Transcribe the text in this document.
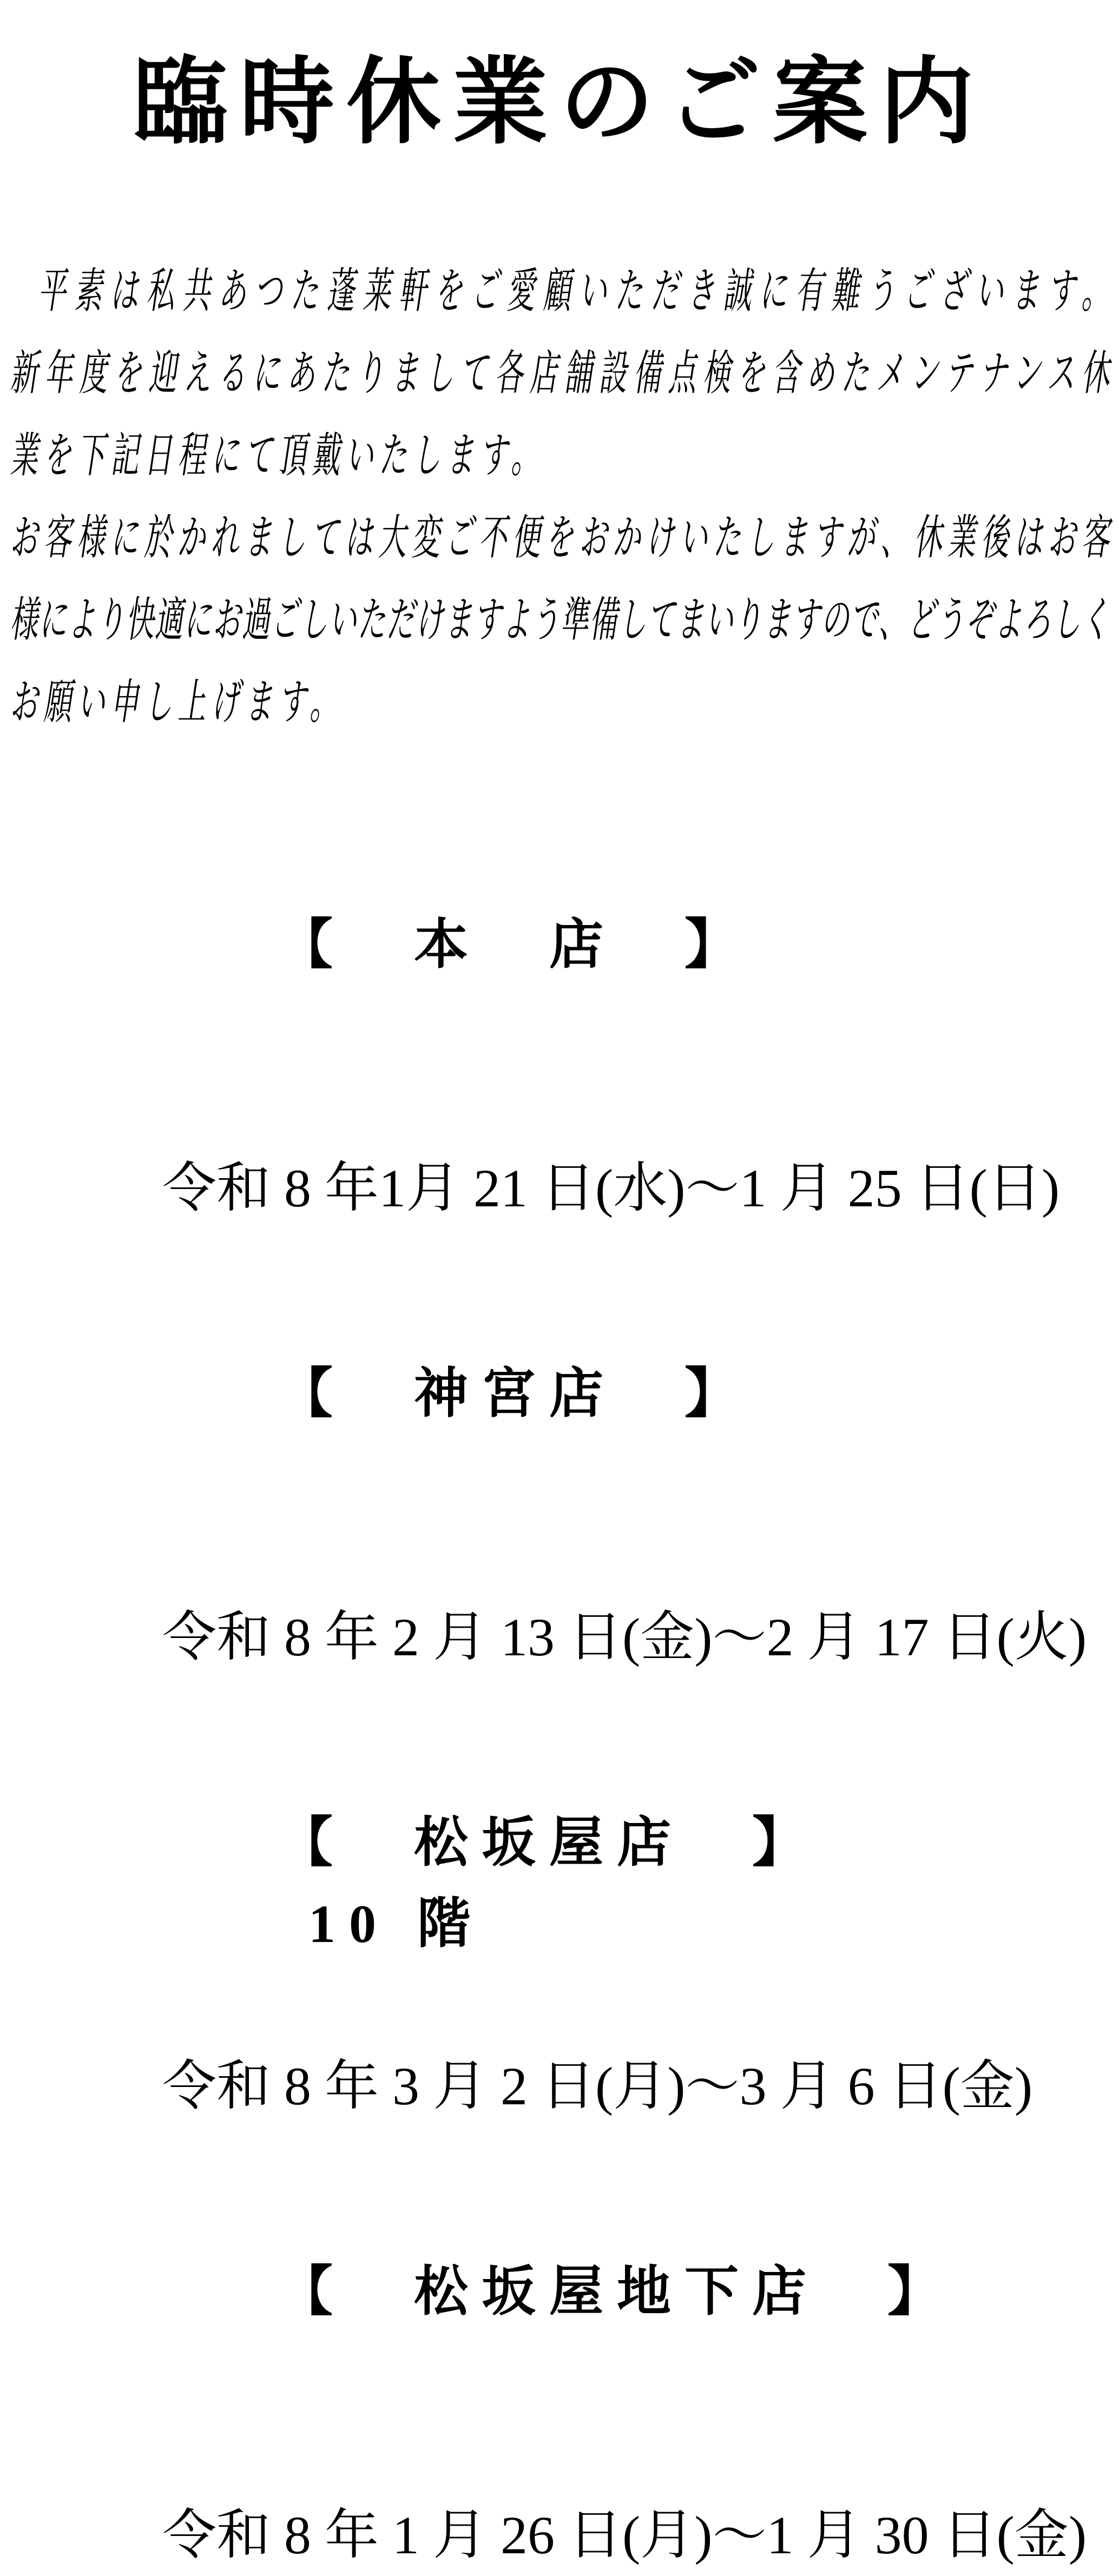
臨時休業のご案内

平素は私共あつた蓬莱軒をご愛顧いただき誠に有難うございます。

新年度を迎えるにあたりまして各店舗設備点検を含めたメンテナンス休

業を下記日程にて頂戴いたします。

お客様に於かれましては大変ご不便をおかけいたしますが、休業後はお客

様により快適にお過ごしいただけますよう準備してまいりますので、どうぞよろしく

お願い申し上げます。

【　本　店　】

令和 8 年1月 21 日(水)～1 月 25 日(日)

【　神宮店　】

令和 8 年 2 月 13 日(金)～2 月 17 日(火)

【　松坂屋店　】
10 階

令和 8 年 3 月 2 日(月)～3 月 6 日(金)

【　松坂屋地下店　】

令和 8 年 1 月 26 日(月)～1 月 30 日(金)
